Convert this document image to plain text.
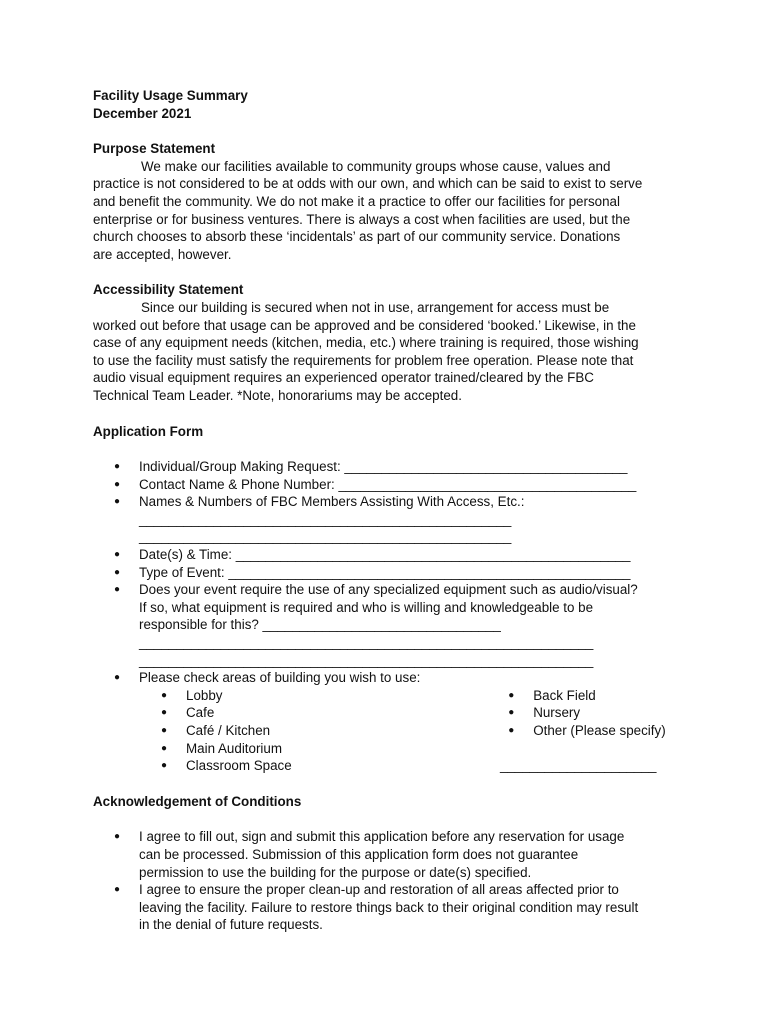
Facility Usage Summary
December 2021
Purpose Statement
We make our facilities available to community groups whose cause, values and
practice is not considered to be at odds with our own, and which can be said to exist to serve
and benefit the community. We do not make it a practice to offer our facilities for personal
enterprise or for business ventures. There is always a cost when facilities are used, but the
church chooses to absorb these ‘incidentals’ as part of our community service. Donations
are accepted, however.
Accessibility Statement
Since our building is secured when not in use, arrangement for access must be
worked out before that usage can be approved and be considered ‘booked.’ Likewise, in the
case of any equipment needs (kitchen, media, etc.) where training is required, those wishing
to use the facility must satisfy the requirements for problem free operation. Please note that
audio visual equipment requires an experienced operator trained/cleared by the FBC
Technical Team Leader. *Note, honorariums may be accepted.
Application Form
● Individual/Group Making Request: ______________________________________
● Contact Name & Phone Number: ________________________________________
● Names & Numbers of FBC Members Assisting With Access, Etc.:
__________________________________________________
__________________________________________________
● Date(s) & Time: _____________________________________________________
● Type of Event: ______________________________________________________
● Does your event require the use of any specialized equipment such as audio/visual?
If so, what equipment is required and who is willing and knowledgeable to be
responsible for this? ________________________________
_____________________________________________________________
_____________________________________________________________
● Please check areas of building you wish to use:
● Lobby
● Cafe
● Café / Kitchen
● Main Auditorium
● Classroom Space
● Back Field
● Nursery
● Other (Please specify)
_____________________
Acknowledgement of Conditions
● I agree to fill out, sign and submit this application before any reservation for usage
can be processed. Submission of this application form does not guarantee
permission to use the building for the purpose or date(s) specified.
● I agree to ensure the proper clean-up and restoration of all areas affected prior to
leaving the facility. Failure to restore things back to their original condition may result
in the denial of future requests.
